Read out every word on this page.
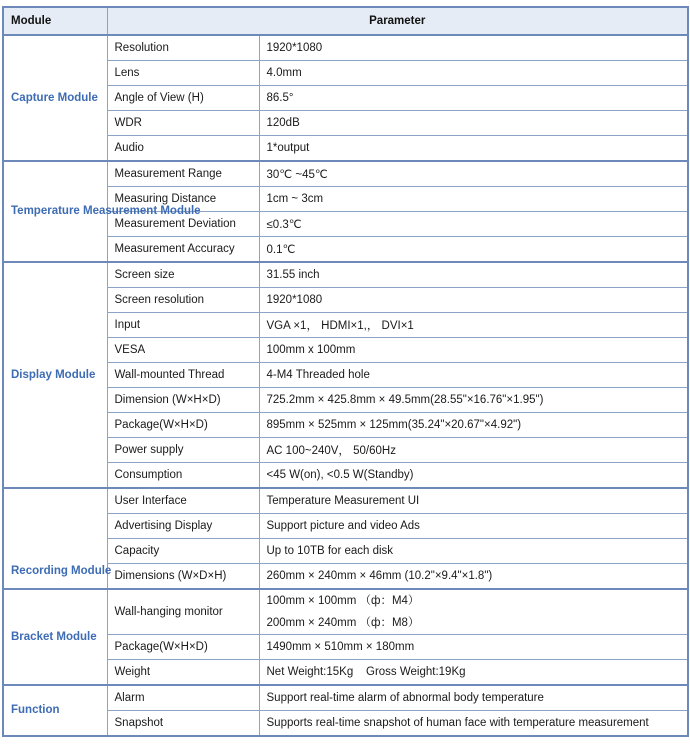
Module	Parameter	
Capture Module	Resolution	1920*1080
	Lens	4.0mm
	Angle of View (H)	86.5°
	WDR	120dB
	Audio	1*output
Temperature Measurement Module	Measurement Range	30℃ ~45℃
	Measuring Distance	1cm ~ 3cm
	Measurement Deviation	≤0.3℃
	Measurement Accuracy	0.1℃
Display Module	Screen size	31.55 inch
	Screen resolution	1920*1080
	Input	VGA ×1， HDMI×1,， DVI×1
	VESA	100mm x 100mm
	Wall-mounted Thread	4-M4 Threaded hole
	Dimension (W×H×D)	725.2mm × 425.8mm × 49.5mm(28.55"×16.76"×1.95")
	Package(W×H×D)	895mm × 525mm × 125mm(35.24"×20.67"×4.92")
	Power supply	AC 100~240V， 50/60Hz
	Consumption	<45 W(on), <0.5 W(Standby)
Recording Module	User Interface	Temperature Measurement UI
	Advertising Display	Support picture and video Ads
	Capacity	Up to 10TB for each disk
	Dimensions (W×D×H)	260mm × 240mm × 46mm (10.2"×9.4"×1.8")
Bracket Module	Wall-hanging monitor	100mm × 100mm （ф：M4）
200mm × 240mm （ф：M8）

	Package(W×H×D)	1490mm × 510mm × 180mm
	Weight	Net Weight:15Kg    Gross Weight:19Kg
Function	Alarm	Support real-time alarm of abnormal body temperature
	Snapshot	Supports real-time snapshot of human face with temperature measurement
